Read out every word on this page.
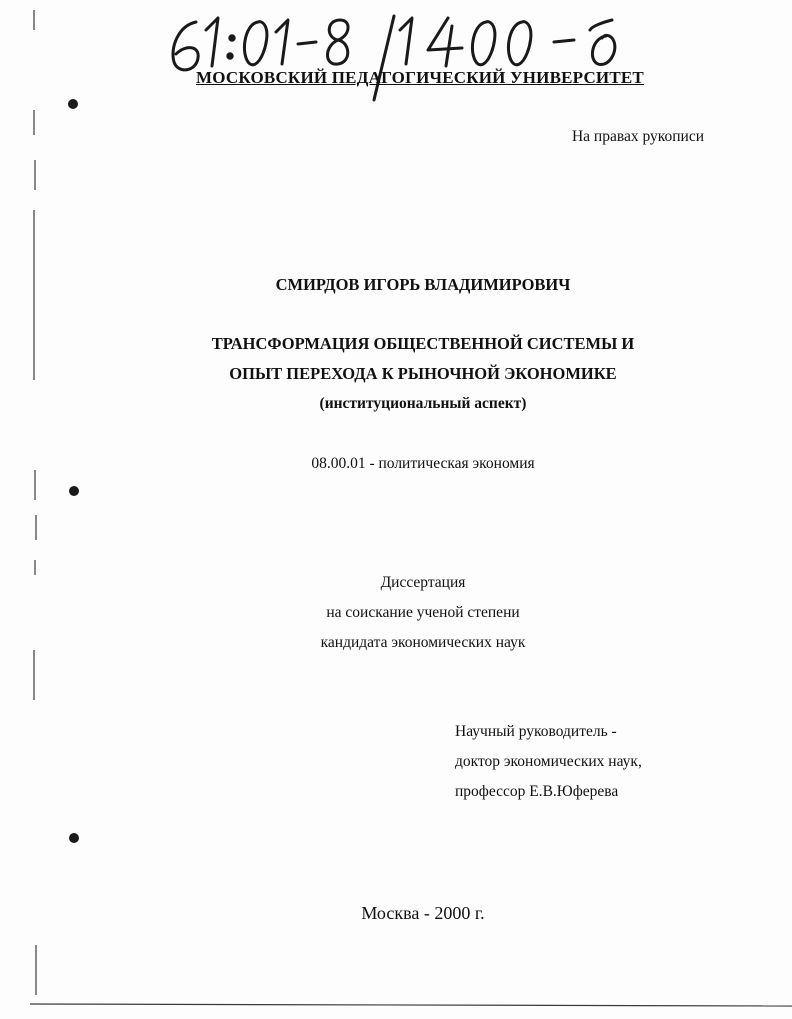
МОСКОВСКИЙ ПЕДАГОГИЧЕСКИЙ УНИВЕРСИТЕТ
На правах рукописи
СМИРДОВ ИГОРЬ ВЛАДИМИРОВИЧ
ТРАНСФОРМАЦИЯ ОБЩЕСТВЕННОЙ СИСТЕМЫ И
ОПЫТ ПЕРЕХОДА К РЫНОЧНОЙ ЭКОНОМИКЕ
(институциональный аспект)
08.00.01 - политическая экономия
Диссертация
на соискание ученой степени
кандидата экономических наук
Научный руководитель -
доктор экономических наук,
профессор Е.В.Юферева
Москва - 2000 г.
